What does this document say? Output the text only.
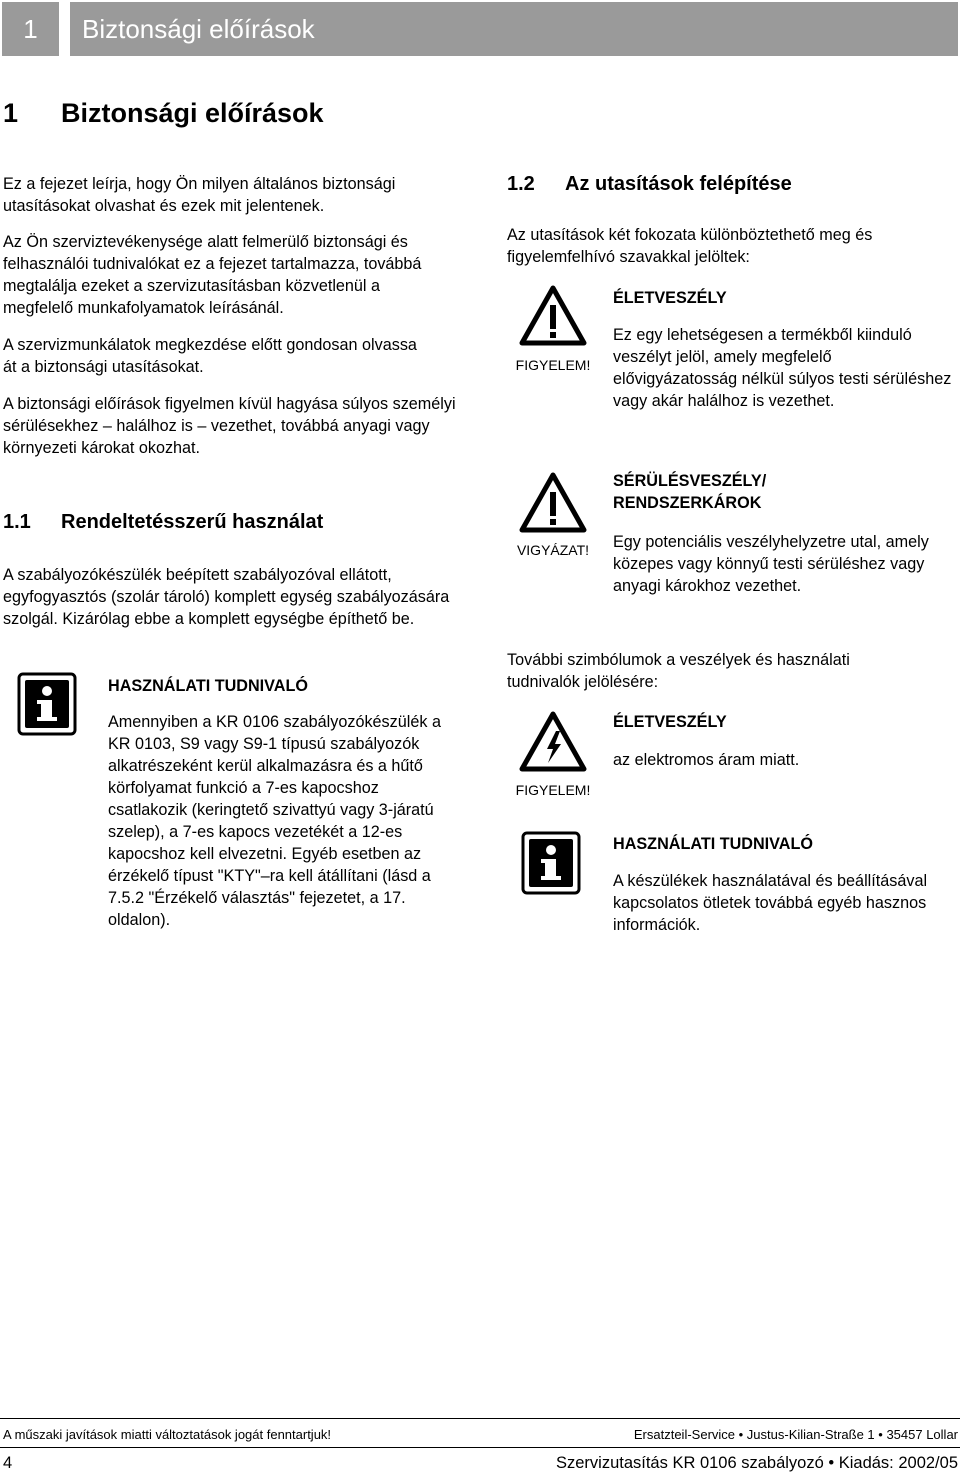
1	Biztonsági előírások
1 Biztonsági előírások
Ez a fejezet leírja, hogy Ön milyen általános biztonsági utasításokat olvashat és ezek mit jelentenek.
Az Ön szerviztevékenysége alatt felmerülő biztonsági és felhasználói tudnivalókat ez a fejezet tartalmazza, továbbá megtalálja ezeket a szervizutasításban közvetlenül a megfelelő munkafolyamatok leírásánál.
A szervizmunkálatok megkezdése előtt gondosan olvassa át a biztonsági utasításokat.
A biztonsági előírások figyelmen kívül hagyása súlyos személyi sérülésekhez – halálhoz is – vezethet, továbbá anyagi vagy környezeti károkat okozhat.
1.1 Rendeltetésszerű használat
A szabályozókészülék beépített szabályozóval ellátott, egyfogyasztós (szolár tároló) komplett egység szabályozására szolgál. Kizárólag ebbe a komplett egységbe építhető be.
HASZNÁLATI TUDNIVALÓ
Amennyiben a KR 0106 szabályozókészülék a KR 0103, S9 vagy S9-1 típusú szabályozók alkatrészeként kerül alkalmazásra és a hűtő körfolyamat funkció a 7-es kapocshoz csatlakozik (keringtető szivattyú vagy 3-járatú szelep), a 7-es kapocs vezetékét a 12-es kapocshoz kell elvezetni. Egyéb esetben az érzékelő típust "KTY"–ra kell átállítani (lásd a 7.5.2 "Érzékelő választás" fejezetet, a 17. oldalon).
1.2 Az utasítások felépítése
Az utasítások két fokozata különböztethető meg és figyelemfelhívó szavakkal jelöltek:
FIGYELEM!
ÉLETVESZÉLY
Ez egy lehetségesen a termékből kiinduló veszélyt jelöl, amely megfelelő elővigyázatosság nélkül súlyos testi sérüléshez vagy akár halálhoz is vezethet.
VIGYÁZAT!
SÉRÜLÉSVESZÉLY/
RENDSZERKÁROK
Egy potenciális veszélyhelyzetre utal, amely közepes vagy könnyű testi sérüléshez vagy anyagi károkhoz vezethet.
További szimbólumok a veszélyek és használati tudnivalók jelölésére:
FIGYELEM!
ÉLETVESZÉLY
az elektromos áram miatt.
HASZNÁLATI TUDNIVALÓ
A készülékek használatával és beállításával kapcsolatos ötletek továbbá egyéb hasznos információk.
A műszaki javítások miatti változtatások jogát fenntartjuk!	Ersatzteil-Service • Justus-Kilian-Straße 1 • 35457 Lollar
4	Szervizutasítás KR 0106 szabályozó • Kiadás: 2002/05
